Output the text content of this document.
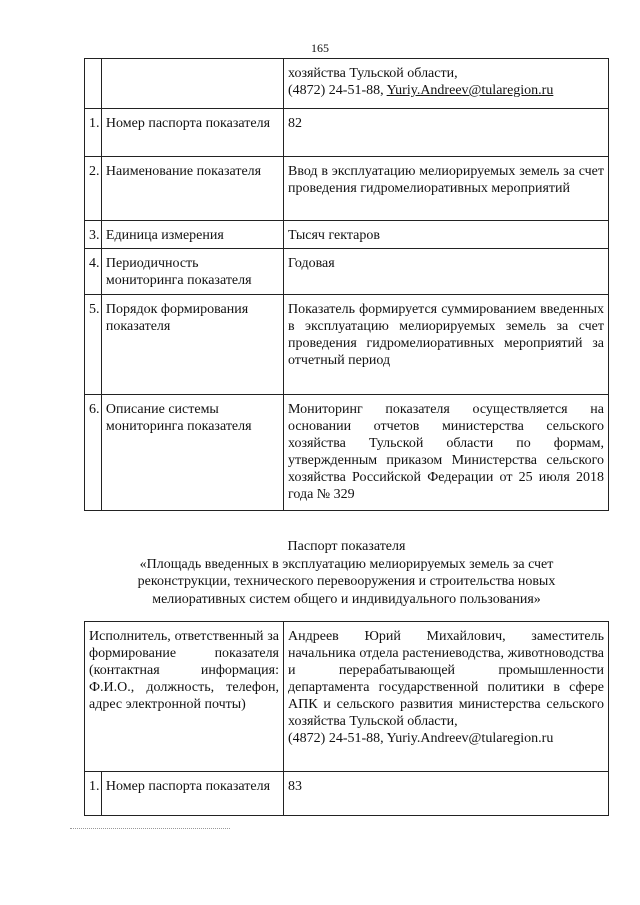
165

		хозяйства Тульской области,
(4872) 24-51-88, Yuriy.Andreev@tularegion.ru

1.	Номер паспорта показателя	82
2.	Наименование показателя	Ввод в эксплуатацию мелиорируемых земель за счет проведения гидромелиоративных мероприятий
3.	Единица измерения	Тысяч гектаров
4.	Периодичность мониторинга показателя	Годовая
5.	Порядок формирования показателя	Показатель формируется суммированием введенных в эксплуатацию мелиорируемых земель за счет проведения гидромелиоративных мероприятий за отчетный период
6.	Описание системы мониторинга показателя	Мониторинг показателя осуществляется на основании отчетов министерства сельского хозяйства Тульской области по формам, утвержденным приказом Министерства сельского хозяйства Российской Федерации от 25 июля 2018 года № 329
Паспорт показателя
«Площадь введенных в эксплуатацию мелиорируемых земель за счет
реконструкции, технического перевооружения и строительства новых
мелиоративных систем общего и индивидуального пользования»
Исполнитель, ответственный за формирование показателя (контактная информация: Ф.И.О., должность, телефон, адрес электронной почты)		Андреев Юрий Михайлович, заместитель начальника отдела растениеводства, животноводства и перерабатывающей промышленности департамента государственной политики в сфере АПК и сельского развития министерства сельского хозяйства Тульской области,
(4872) 24-51-88, Yuriy.Andreev@tularegion.ru

1.	Номер паспорта показателя	83
